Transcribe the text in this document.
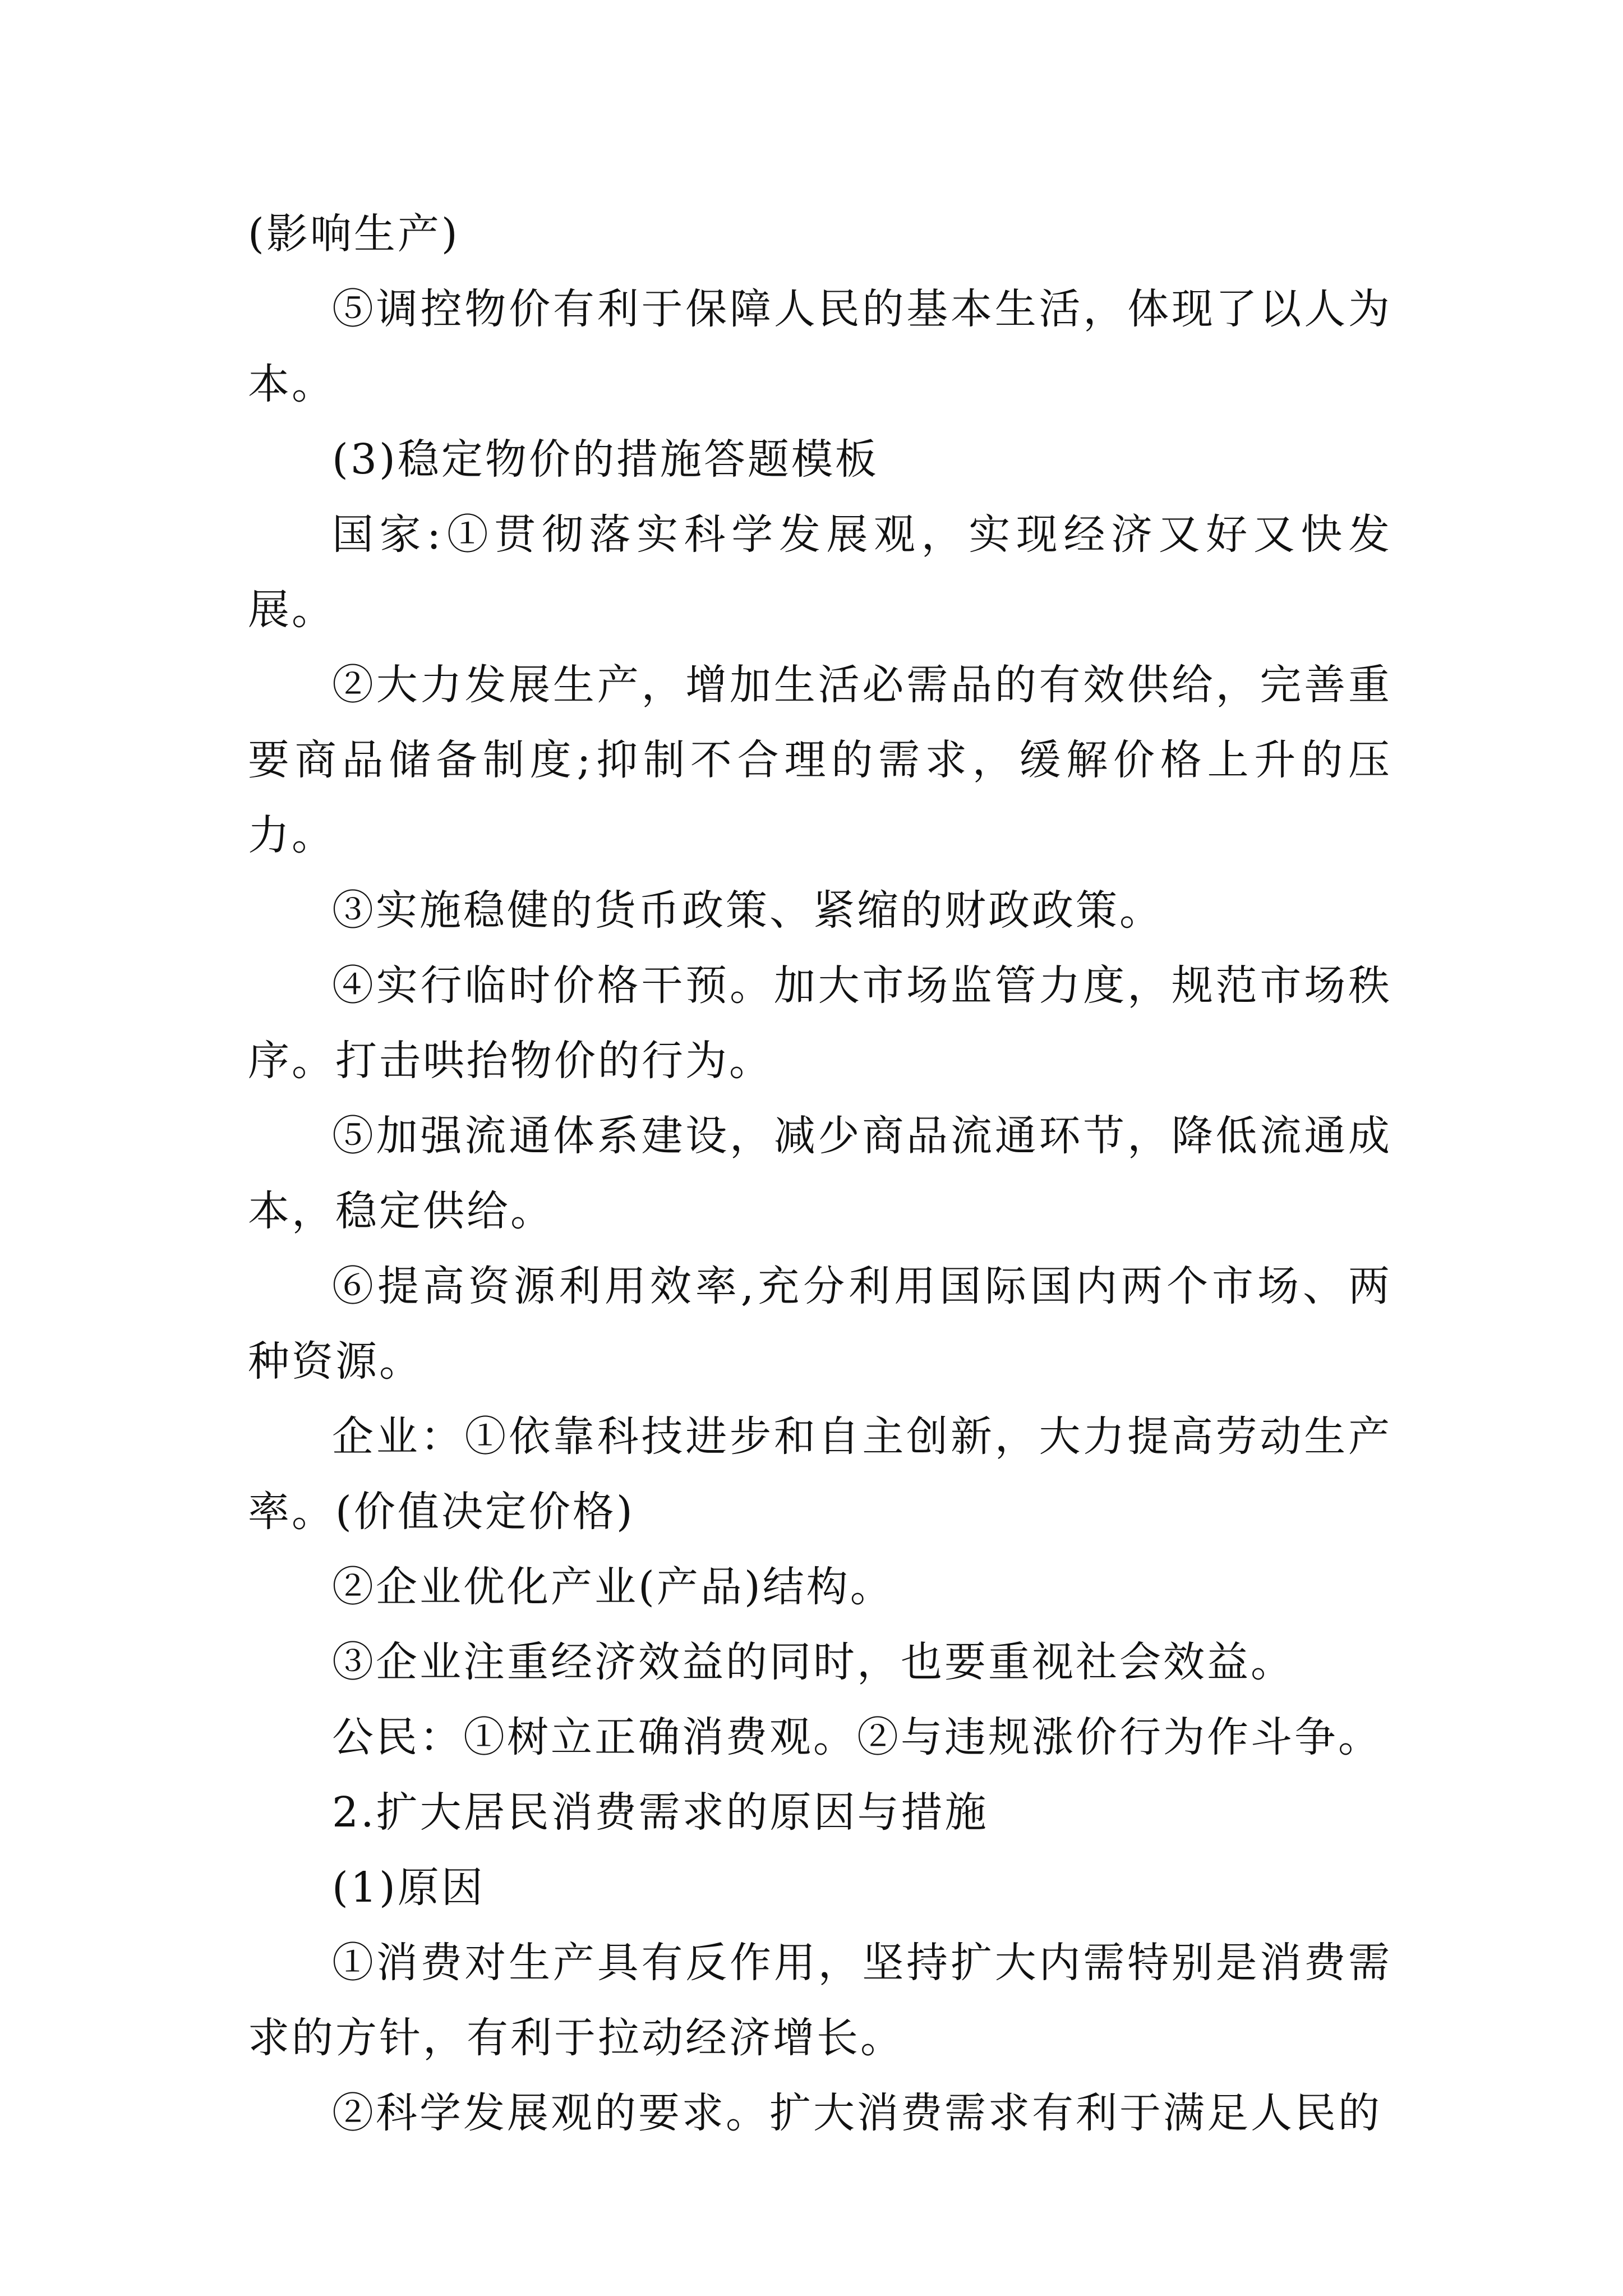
(影响生产)

⑤调控物价有利于保障人民的基本生活，体现了以人为本。

(3)稳定物价的措施答题模板

国家:①贯彻落实科学发展观，实现经济又好又快发展。

②大力发展生产，增加生活必需品的有效供给，完善重要商品储备制度;抑制不合理的需求，缓解价格上升的压力。

③实施稳健的货币政策、紧缩的财政政策。

④实行临时价格干预。加大市场监管力度，规范市场秩序。打击哄抬物价的行为。

⑤加强流通体系建设，减少商品流通环节，降低流通成本，稳定供给。

⑥提高资源利用效率,充分利用国际国内两个市场、两种资源。

企业：①依靠科技进步和自主创新，大力提高劳动生产率。(价值决定价格)

②企业优化产业(产品)结构。

③企业注重经济效益的同时，也要重视社会效益。

公民：①树立正确消费观。②与违规涨价行为作斗争。

2.扩大居民消费需求的原因与措施

(1)原因

①消费对生产具有反作用，坚持扩大内需特别是消费需求的方针，有利于拉动经济增长。

②科学发展观的要求。扩大消费需求有利于满足人民的
